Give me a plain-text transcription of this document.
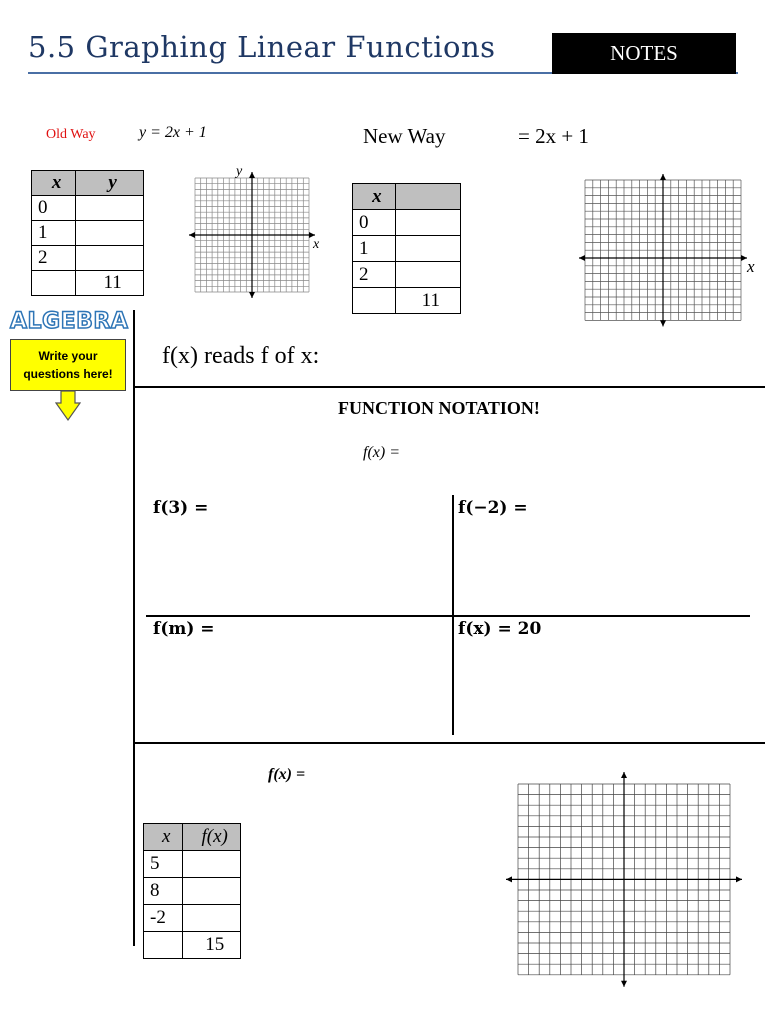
5.5 Graphing Linear Functions	NOTES
Old Way	y = 2x + 1
x	y
0	
1	
2	
	11
y
x
New Way	= 2x + 1
x	
0	
1	
2	
	11
x
ALGEBRA
Write your questions here!
f(x) reads f of x:
FUNCTION NOTATION!
f(x) =
f(3) =	f(−2) =
f(m) =	f(x) = 20
f(x) =
x	f(x)
5	
8	
-2	
	15
